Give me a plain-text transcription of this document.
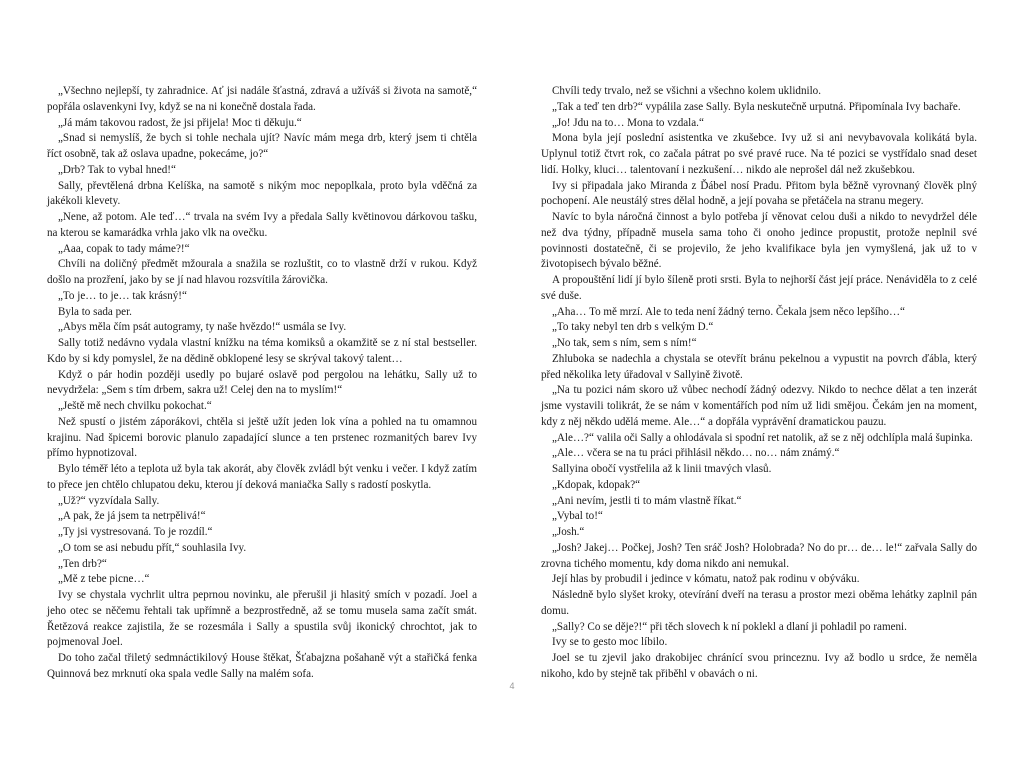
„Všechno nejlepší, ty zahradnice. Ať jsi nadále šťastná, zdravá a užíváš si života na samotě,“ popřála oslavenkyni Ivy, když se na ni konečně dostala řada.

„Já mám takovou radost, že jsi přijela! Moc ti děkuju.“

„Snad si nemyslíš, že bych si tohle nechala ujít? Navíc mám mega drb, který jsem ti chtěla říct osobně, tak až oslava upadne, pokecáme, jo?“

„Drb? Tak to vybal hned!“

Sally, převtělená drbna Kelíška, na samotě s nikým moc nepoplkala, proto byla vděčná za jakékoli klevety.

„Nene, až potom. Ale teď…“ trvala na svém Ivy a předala Sally květinovou dárkovou tašku, na kterou se kamarádka vrhla jako vlk na ovečku.

„Aaa, copak to tady máme?!“

Chvíli na doličný předmět mžourala a snažila se rozluštit, co to vlastně drží v rukou. Když došlo na prozření, jako by se jí nad hlavou rozsvítila žárovička.

„To je… to je… tak krásný!“

Byla to sada per.

„Abys měla čím psát autogramy, ty naše hvězdo!“ usmála se Ivy.

Sally totiž nedávno vydala vlastní knížku na téma komiksů a okamžitě se z ní stal bestseller. Kdo by si kdy pomyslel, že na dědině obklopené lesy se skrýval takový talent…

Když o pár hodin později usedly po bujaré oslavě pod pergolou na lehátku, Sally už to nevydržela: „Sem s tím drbem, sakra už! Celej den na to myslím!“

„Ještě mě nech chvilku pokochat.“

Než spustí o jistém záporákovi, chtěla si ještě užít jeden lok vína a pohled na tu omamnou krajinu. Nad špicemi borovic planulo zapadající slunce a ten prstenec rozmanitých barev Ivy přímo hypnotizoval.

Bylo téměř léto a teplota už byla tak akorát, aby člověk zvládl být venku i večer. I když zatím to přece jen chtělo chlupatou deku, kterou jí deková maniačka Sally s radostí poskytla.

„Už?“ vyzvídala Sally.

„A pak, že já jsem ta netrpělivá!“

„Ty jsi vystresovaná. To je rozdíl.“

„O tom se asi nebudu přít,“ souhlasila Ivy.

„Ten drb?“

„Mě z tebe picne…“

Ivy se chystala vychrlit ultra peprnou novinku, ale přerušil ji hlasitý smích v pozadí. Joel a jeho otec se něčemu řehtali tak upřímně a bezprostředně, až se tomu musela sama začít smát. Řetězová reakce zajistila, že se rozesmála i Sally a spustila svůj ikonický chrochtot, jak to pojmenoval Joel.

Do toho začal třiletý sedmnáctikilový House štěkat, Šťabajzna pošahaně výt a stařičká fenka Quinnová bez mrknutí oka spala vedle Sally na malém sofa.

Chvíli tedy trvalo, než se všichni a všechno kolem uklidnilo.

„Tak a teď ten drb?“ vypálila zase Sally. Byla neskutečně urputná. Připomínala Ivy bachaře.

„Jo! Jdu na to… Mona to vzdala.“

Mona byla její poslední asistentka ve zkušebce. Ivy už si ani nevybavovala kolikátá byla. Uplynul totiž čtvrt rok, co začala pátrat po své pravé ruce. Na té pozici se vystřídalo snad deset lidí. Holky, kluci… talentovaní i nezkušení… nikdo ale neprošel dál než zkušebkou.

Ivy si připadala jako Miranda z Ďábel nosí Pradu. Přitom byla běžně vyrovnaný člověk plný pochopení. Ale neustálý stres dělal hodně, a její povaha se přetáčela na stranu megery.

Navíc to byla náročná činnost a bylo potřeba jí věnovat celou duši a nikdo to nevydržel déle než dva týdny, případně musela sama toho či onoho jedince propustit, protože neplnil své povinnosti dostatečně, či se projevilo, že jeho kvalifikace byla jen vymyšlená, jak už to v životopisech bývalo běžné.

A propouštění lidí jí bylo šíleně proti srsti. Byla to nejhorší část její práce. Nenáviděla to z celé své duše.

„Aha… To mě mrzí. Ale to teda není žádný terno. Čekala jsem něco lepšího…“

„To taky nebyl ten drb s velkým D.“

„No tak, sem s ním, sem s ním!“

Zhluboka se nadechla a chystala se otevřít bránu pekelnou a vypustit na povrch ďábla, který před několika lety úřadoval v Sallyině životě.

„Na tu pozici nám skoro už vůbec nechodí žádný odezvy. Nikdo to nechce dělat a ten inzerát jsme vystavili tolikrát, že se nám v komentářích pod ním už lidi smějou. Čekám jen na moment, kdy z něj někdo udělá meme. Ale…“ a dopřála vyprávění dramatickou pauzu.

„Ale…?“ valila oči Sally a ohlodávala si spodní ret natolik, až se z něj odchlípla malá šupinka.

„Ale… včera se na tu práci přihlásil někdo… no… nám známý.“

Sallyina obočí vystřelila až k linii tmavých vlasů.

„Kdopak, kdopak?“

„Ani nevím, jestli ti to mám vlastně říkat.“

„Vybal to!“

„Josh.“

„Josh? Jakej… Počkej, Josh? Ten sráč Josh? Holobrada? No do pr… de… le!“ zařvala Sally do zrovna tichého momentu, kdy doma nikdo ani nemukal.

Její hlas by probudil i jedince v kómatu, natož pak rodinu v obýváku.

Následně bylo slyšet kroky, otevírání dveří na terasu a prostor mezi oběma lehátky zaplnil pán domu.

„Sally? Co se děje?!“ při těch slovech k ní poklekl a dlaní ji pohladil po rameni.

Ivy se to gesto moc líbilo.

Joel se tu zjevil jako drakobijec chránící svou princeznu. Ivy až bodlo u srdce, že neměla nikoho, kdo by stejně tak přiběhl v obavách o ni.

4
